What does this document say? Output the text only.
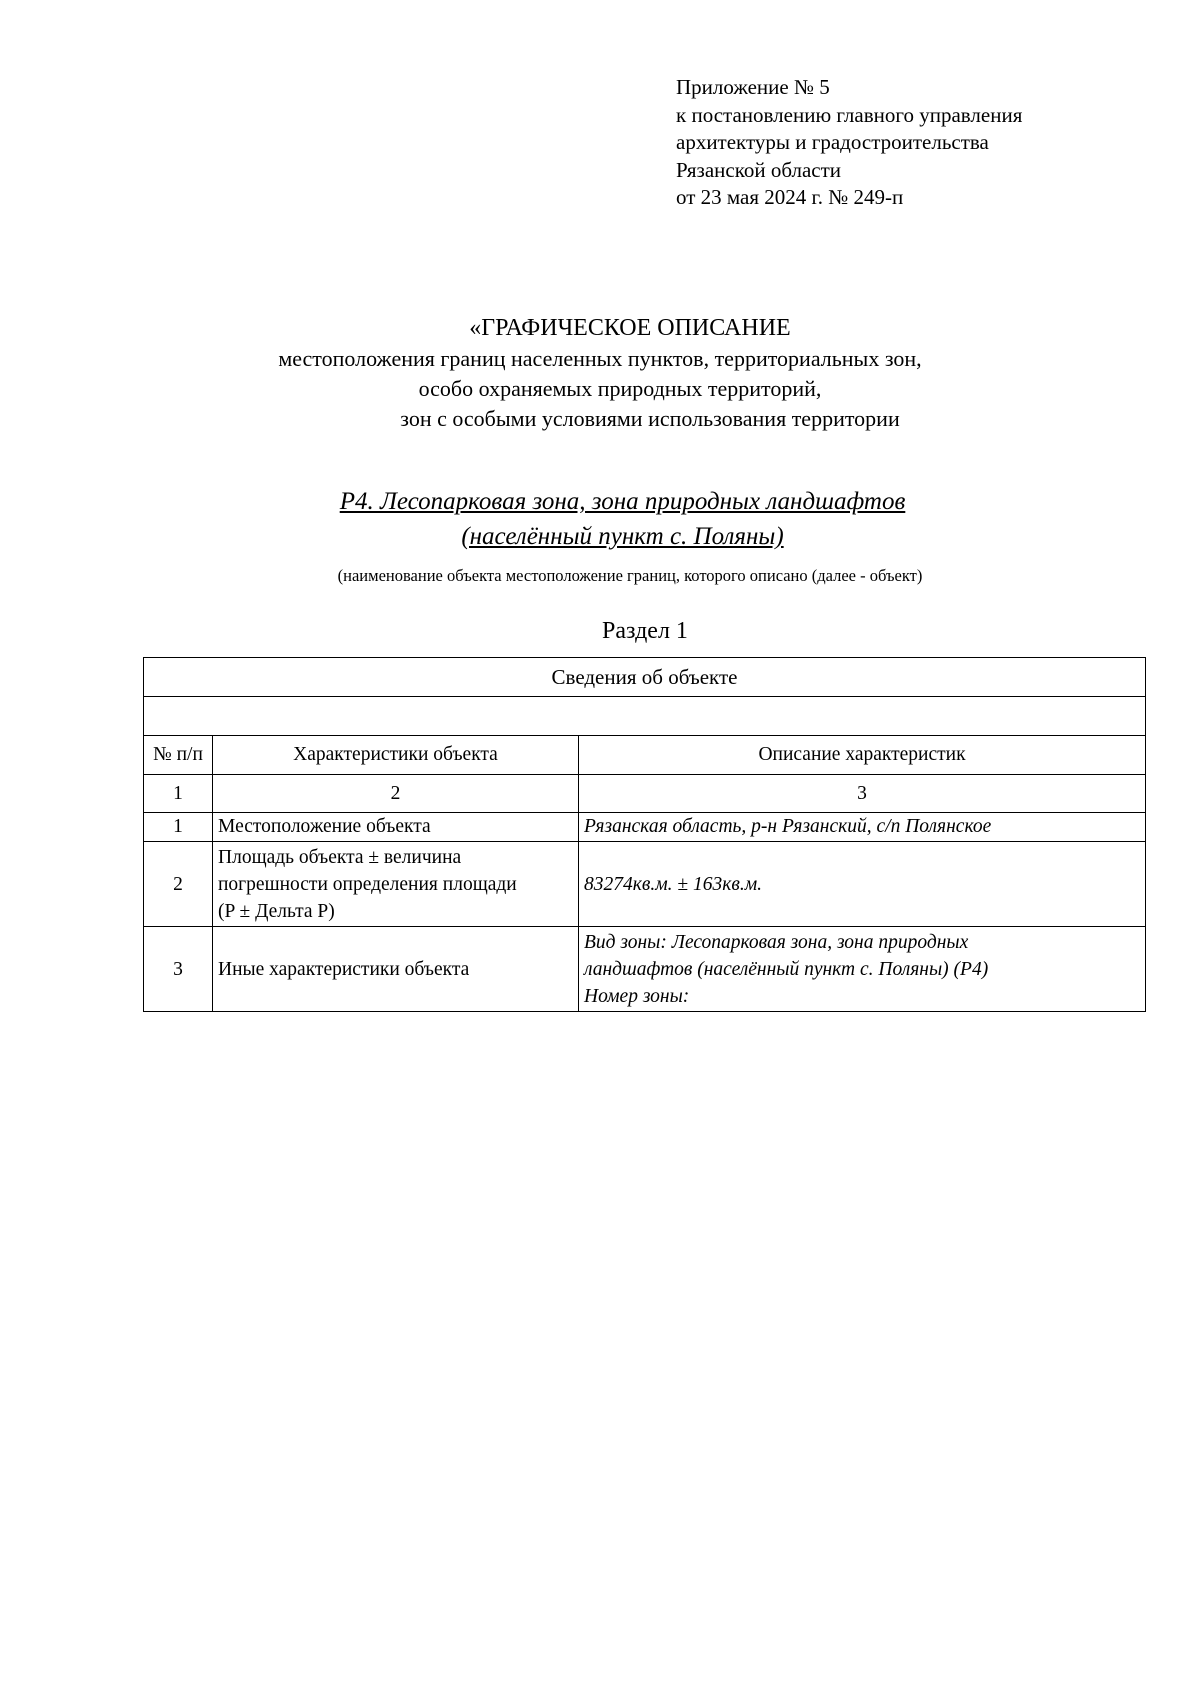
Приложение № 5
к постановлению главного управления
архитектуры и градостроительства
Рязанской области
от 23 мая 2024 г. № 249-п
«ГРАФИЧЕСКОЕ ОПИСАНИЕ
местоположения границ населенных пунктов, территориальных зон,
особо охраняемых природных территорий,
зон с особыми условиями использования территории
Р4. Лесопарковая зона, зона природных ландшафтов
(населённый пункт с. Поляны)
(наименование объекта местоположение границ, которого описано (далее - объект)
Раздел 1
Сведения об объекте		

№ п/п	Характеристики объекта	Описание характеристик
1	2	3
1	Местоположение объекта	Рязанская область, р-н Рязанский, с/п Полянское

2	Площадь объекта ± величина
погрешности определения площади
(P ± Дельта P)	83274кв.м. ± 163кв.м.

3	Иные характеристики объекта	Вид зоны: Лесопарковая зона, зона природных
ландшафтов (населённый пункт с. Поляны) (Р4)
Номер зоны:
